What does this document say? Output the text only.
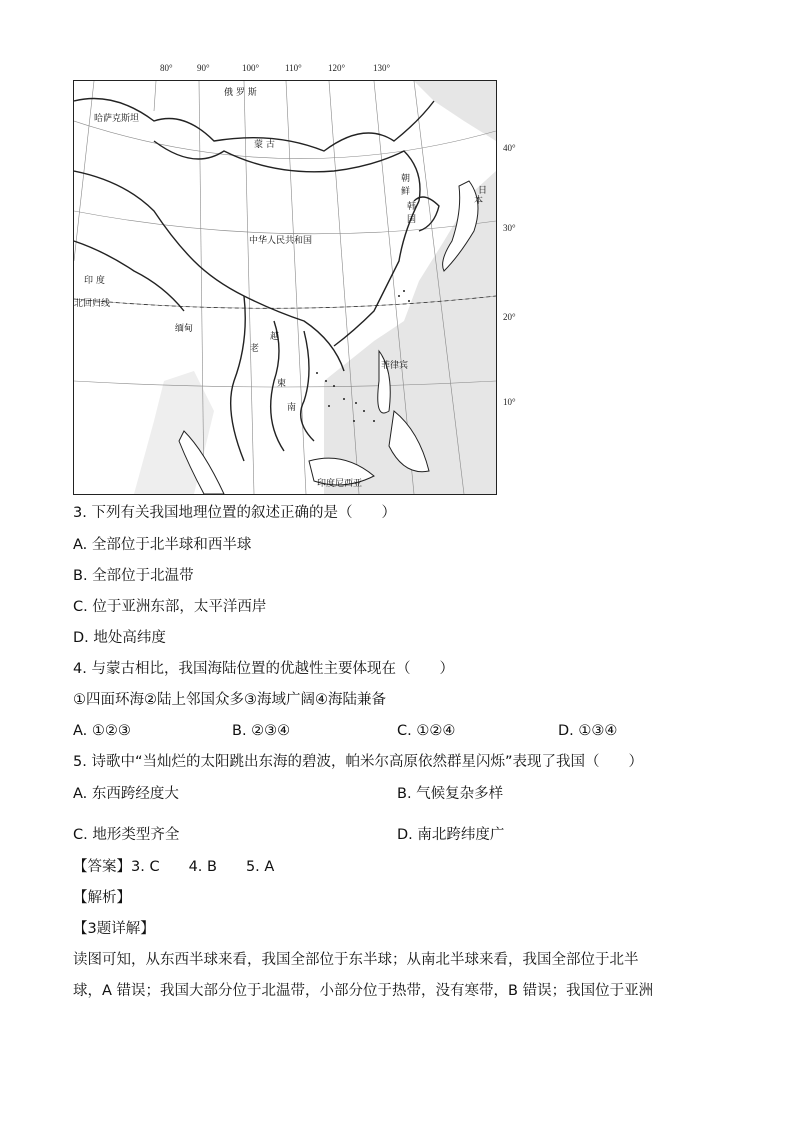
80°	90°	100°	110°	120°	130°
40°
30°
20°
10°
俄 罗 斯
哈萨克斯坦
蒙 古
中华人民共和国
印 度
北回归线
缅甸
老
越
南
柬
菲律宾
印度尼西亚
朝
鲜
韩
国
日
本
3. 下列有关我国地理位置的叙述正确的是（　　）
A. 全部位于北半球和西半球
B. 全部位于北温带
C. 位于亚洲东部，太平洋西岸
D. 地处高纬度
4. 与蒙古相比，我国海陆位置的优越性主要体现在（　　）
①四面环海②陆上邻国众多③海域广阔④海陆兼备
A. ①②③	B. ②③④	C. ①②④	D. ①③④
5. 诗歌中“当灿烂的太阳跳出东海的碧波，帕米尔高原依然群星闪烁”表现了我国（　　）
A. 东西跨经度大	B. 气候复杂多样
C. 地形类型齐全	D. 南北跨纬度广
【答案】3. C　　4. B　　5. A
【解析】
【3题详解】
读图可知，从东西半球来看，我国全部位于东半球；从南北半球来看，我国全部位于北半
球，A 错误；我国大部分位于北温带，小部分位于热带，没有寒带，B 错误；我国位于亚洲
